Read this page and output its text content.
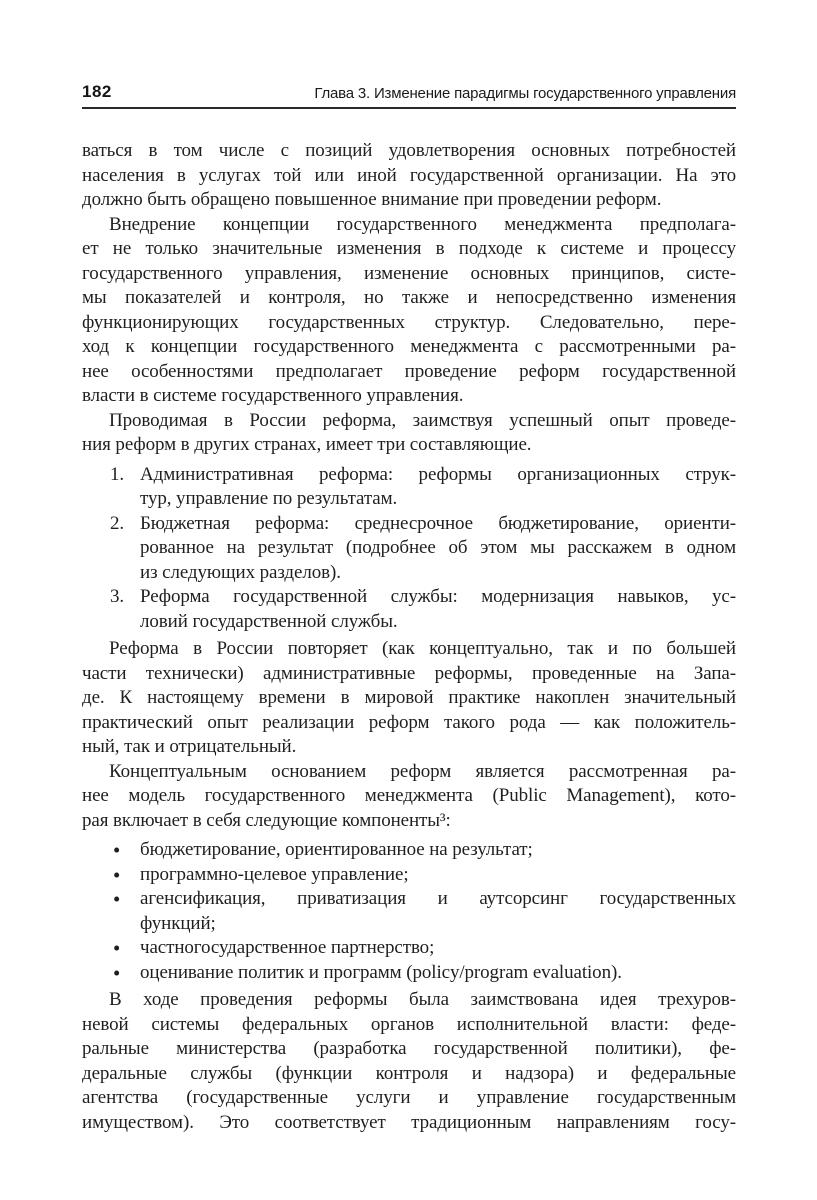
182	Глава 3. Изменение парадигмы государственного управления
ваться в том числе с позиций удовлетворения основных потребностей
населения в услугах той или иной государственной организации. На это
должно быть обращено повышенное внимание при проведении реформ.
Внедрение концепции государственного менеджмента предполага-
ет не только значительные изменения в подходе к системе и процессу
государственного управления, изменение основных принципов, систе-
мы показателей и контроля, но также и непосредственно изменения
функционирующих государственных структур. Следовательно, пере-
ход к концепции государственного менеджмента с рассмотренными ра-
нее особенностями предполагает проведение реформ государственной
власти в системе государственного управления.
Проводимая в России реформа, заимствуя успешный опыт проведе-
ния реформ в других странах, имеет три составляющие.
1. Административная реформа: реформы организационных струк-
тур, управление по результатам.
2. Бюджетная реформа: среднесрочное бюджетирование, ориенти-
рованное на результат (подробнее об этом мы расскажем в одном
из следующих разделов).
3. Реформа государственной службы: модернизация навыков, ус-
ловий государственной службы.
Реформа в России повторяет (как концептуально, так и по большей
части технически) административные реформы, проведенные на Запа-
де. К настоящему времени в мировой практике накоплен значительный
практический опыт реализации реформ такого рода — как положитель-
ный, так и отрицательный.
Концептуальным основанием реформ является рассмотренная ра-
нее модель государственного менеджмента (Public Management), кото-
рая включает в себя следующие компоненты³:
•	бюджетирование, ориентированное на результат;
•	программно-целевое управление;
•	агенсификация, приватизация и аутсорсинг государственных
функций;
•	частногосударственное партнерство;
•	оценивание политик и программ (policy/program evaluation).
В ходе проведения реформы была заимствована идея трехуров-
невой системы федеральных органов исполнительной власти: феде-
ральные министерства (разработка государственной политики), фе-
деральные службы (функции контроля и надзора) и федеральные
агентства (государственные услуги и управление государственным
имуществом). Это соответствует традиционным направлениям госу-
